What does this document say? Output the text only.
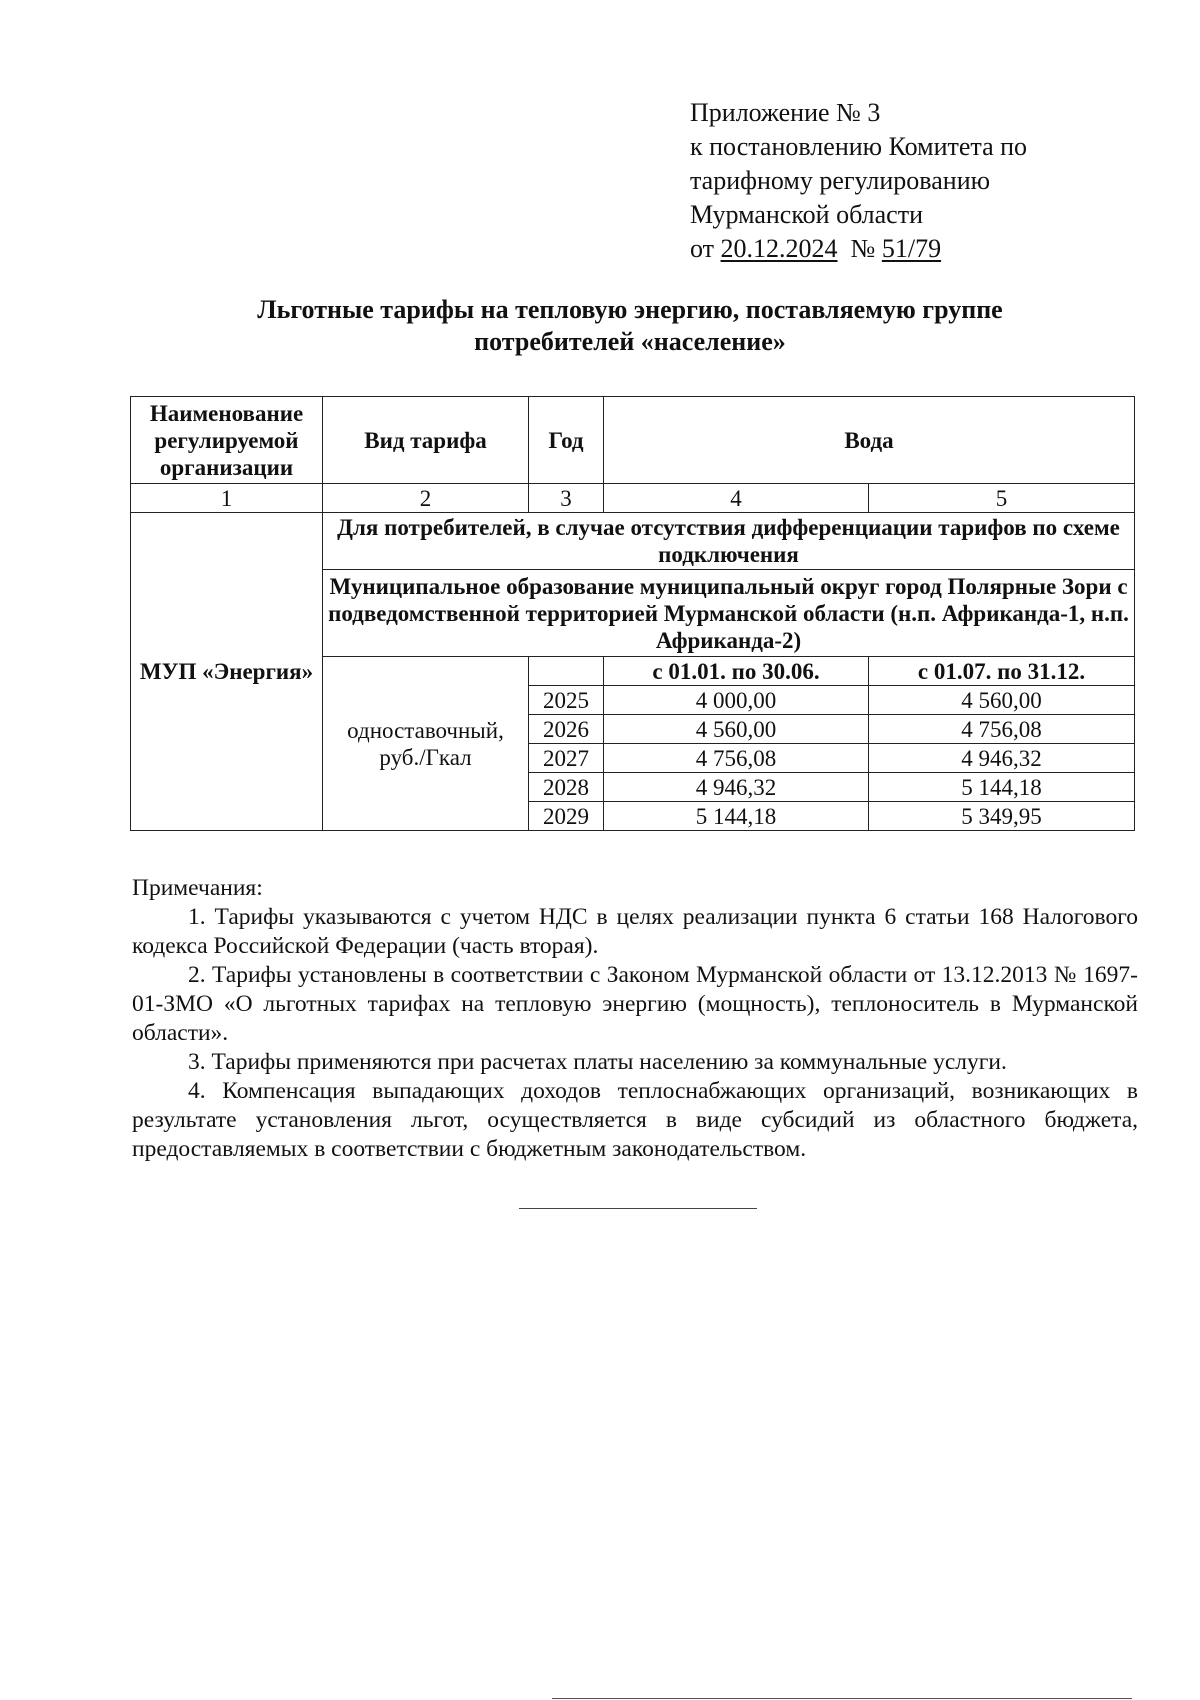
Приложение № 3
к постановлению Комитета по
тарифному регулированию
Мурманской области
от 20.12.2024 № 51/79
Льготные тарифы на тепловую энергию, поставляемую группе
потребителей «население»
Наименование регулируемой организации	Вид тарифа	Год	Вода	
1	2	3	4	5
МУП «Энергия»	Для потребителей, в случае отсутствия дифференциации тарифов по схеме подключения			
	Муниципальное образование муниципальный округ город Полярные Зори с подведомственной территорией Мурманской области (н.п. Африканда-1, н.п. Африканда-2)			
	одноставочный, руб./Гкал		с 01.01. по 30.06.	с 01.07. по 31.12.
		2025	4 000,00	4 560,00
		2026	4 560,00	4 756,08
		2027	4 756,08	4 946,32
		2028	4 946,32	5 144,18
		2029	5 144,18	5 349,95

Примечания:

1. Тарифы указываются с учетом НДС в целях реализации пункта 6 статьи 168 Налогового кодекса Российской Федерации (часть вторая).

2. Тарифы установлены в соответствии с Законом Мурманской области от 13.12.2013 № 1697-01-ЗМО «О льготных тарифах на тепловую энергию (мощность), теплоноситель в Мурманской области».

3. Тарифы применяются при расчетах платы населению за коммунальные услуги.

4. Компенсация выпадающих доходов теплоснабжающих организаций, возникающих в результате установления льгот, осуществляется в виде субсидий из областного бюджета, предоставляемых в соответствии с бюджетным законодательством.
